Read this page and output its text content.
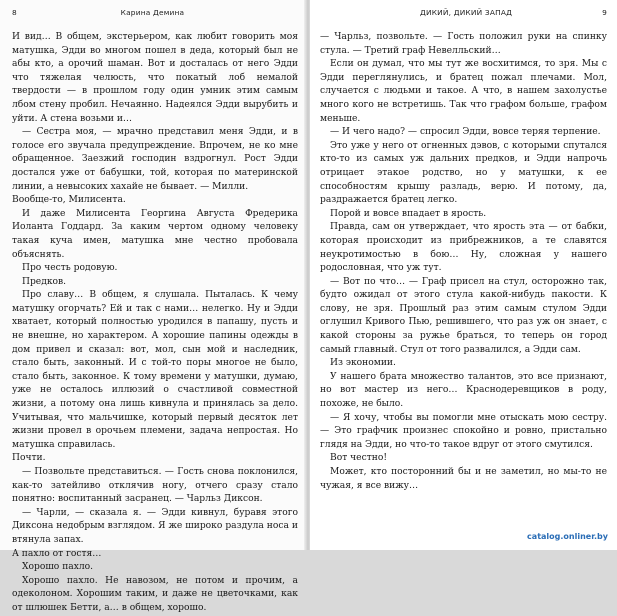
8	Карина Демина

И вид… В общем, экстерьером, как любит говорить моя матушка, Эдди во многом пошел в деда, который был не абы кто, а орочий шаман. Вот и досталась от него Эдди что тяжелая челюсть, что покатый лоб немалой твердости — в прошлом году один умник этим самым лбом стену пробил. Нечаянно. Надеялся Эдди вырубить и уйти. А стена возьми и…

— Сестра моя, — мрачно представил меня Эдди, и в голосе его звучала предупреждение. Впрочем, не ко мне обращенное. Заезжий господин вздрогнул. Рост Эдди достался уже от бабушки, той, которая по материнской линии, а невысоких хахайе не бывает. — Милли.

Вообще-то, Милисента.

И даже Милисента Георгина Августа Фредерика Иоланта Годдард. За каким чертом одному человеку такая куча имен, матушка мне честно пробовала объяснять.

Про честь родовую.

Предков.

Про славу… В общем, я слушала. Пыталась. К чему матушку огорчать? Ей и так с нами… нелегко. Ну и Эдди хватает, который полностью уродился в папашу, пусть и не внешне, но характером. А хорошие папины одежды в дом привел и сказал: вот, мол, сын мой и наследник, стало быть, законный. И с той-то поры многое не было, стало быть, законное. К тому времени у матушки, думаю, уже не осталось иллюзий о счастливой совместной жизни, а потому она лишь кивнула и принялась за дело. Учитывая, что мальчишке, который первый десяток лет жизни провел в орочьем племени, задача непростая. Но матушка справилась.

Почти.

— Позвольте представиться. — Гость снова поклонился, как-то затейливо отклячив ногу, отчего сразу стало понятно: воспитанный засранец. — Чарльз Диксон.

— Чарли, — сказала я. — Эдди кивнул, буравя этого Диксона недобрым взглядом. Я же широко раздула носа и втянула запах.

А пахло от гостя…

Хорошо пахло.

Хорошо пахло. Не навозом, не потом и прочим, а одеколоном. Хорошим таким, и даже не цветочками, как от шлюшек Бетти, а… в общем, хорошо.

ДИКИЙ, ДИКИЙ ЗАПАД	9

— Чарльз, позвольте. — Гость положил руки на спинку стула. — Третий граф Невелльский…

Если он думал, что мы тут же восхитимся, то зря. Мы с Эдди переглянулись, и братец пожал плечами. Мол, случается с людьми и такое. А что, в нашем захолустье много кого не встретишь. Так что графом больше, графом меньше.

— И чего надо? — спросил Эдди, вовсе теряя терпение.

Это уже у него от огненных дэвов, с которыми спутался кто-то из самых уж дальних предков, и Эдди напрочь отрицает этакое родство, но у матушки, к ее способностям крышу разладь, верю. И потому, да, раздражается братец легко.

Порой и вовсе впадает в ярость.

Правда, сам он утверждает, что ярость эта — от бабки, которая происходит из прибрежников, а те славятся неукротимостью в бою… Ну, сложная у нашего родословная, что уж тут.

— Вот по что… — Граф присел на стул, осторожно так, будто ожидал от этого стула какой-нибудь пакости. К слову, не зря. Прошлый раз этим самым стулом Эдди оглушил Кривого Пью, решившего, что раз уж он знает, с какой стороны за ружье браться, то теперь он город самый главный. Стул от того развалился, а Эдди сам.

Из экономии.

У нашего брата множество талантов, это все признают, но вот мастер из него… Краснодеревщиков в роду, похоже, не было.

— Я хочу, чтобы вы помогли мне отыскать мою сестру. — Это графчик произнес спокойно и ровно, пристально глядя на Эдди, но что-то такое вдруг от этого смутился.

Вот честно!

Может, кто посторонний бы и не заметил, но мы-то не чужая, я все вижу…

catalog.onliner.by
